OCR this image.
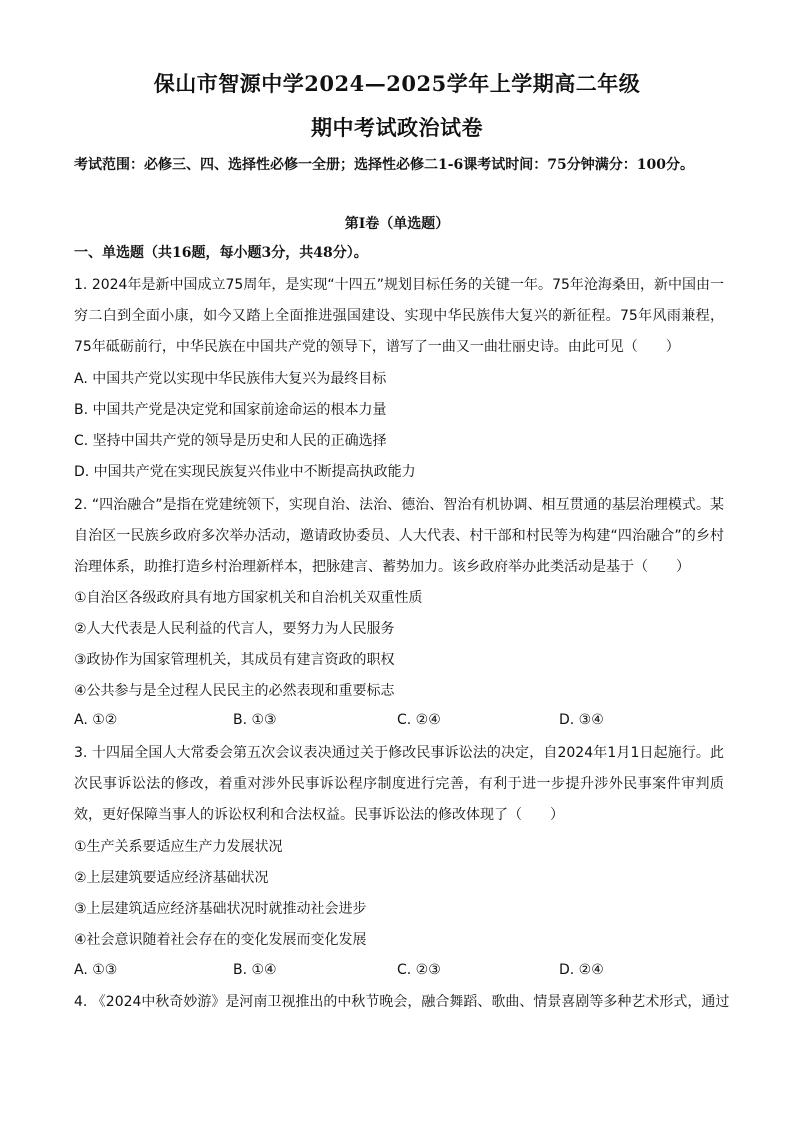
保山市智源中学2024—2025学年上学期高二年级
期中考试政治试卷
考试范围：必修三、四、选择性必修一全册；选择性必修二1-6课考试时间：75分钟满分：100分。
第Ⅰ卷（单选题）
一、单选题（共16题，每小题3分，共48分）。
1. 2024年是新中国成立75周年，是实现“十四五”规划目标任务的关键一年。75年沧海桑田，新中国由一穷二白到全面小康，如今又踏上全面推进强国建设、实现中华民族伟大复兴的新征程。75年风雨兼程，75年砥砺前行，中华民族在中国共产党的领导下，谱写了一曲又一曲壮丽史诗。由此可见（　　）
A. 中国共产党以实现中华民族伟大复兴为最终目标
B. 中国共产党是决定党和国家前途命运的根本力量
C. 坚持中国共产党的领导是历史和人民的正确选择
D. 中国共产党在实现民族复兴伟业中不断提高执政能力
2. “四治融合”是指在党建统领下，实现自治、法治、德治、智治有机协调、相互贯通的基层治理模式。某自治区一民族乡政府多次举办活动，邀请政协委员、人大代表、村干部和村民等为构建“四治融合”的乡村治理体系，助推打造乡村治理新样本，把脉建言、蓄势加力。该乡政府举办此类活动是基于（　　）
①自治区各级政府具有地方国家机关和自治机关双重性质
②人大代表是人民利益的代言人，要努力为人民服务
③政协作为国家管理机关，其成员有建言资政的职权
④公共参与是全过程人民民主的必然表现和重要标志
A. ①②	B. ①③	C. ②④	D. ③④
3. 十四届全国人大常委会第五次会议表决通过关于修改民事诉讼法的决定，自2024年1月1日起施行。此次民事诉讼法的修改，着重对涉外民事诉讼程序制度进行完善，有利于进一步提升涉外民事案件审判质效，更好保障当事人的诉讼权利和合法权益。民事诉讼法的修改体现了（　　）
①生产关系要适应生产力发展状况
②上层建筑要适应经济基础状况
③上层建筑适应经济基础状况时就推动社会进步
④社会意识随着社会存在的变化发展而变化发展
A. ①③	B. ①④	C. ②③	D. ②④
4. 《2024中秋奇妙游》是河南卫视推出的中秋节晚会，融合舞蹈、歌曲、情景喜剧等多种艺术形式，通过
